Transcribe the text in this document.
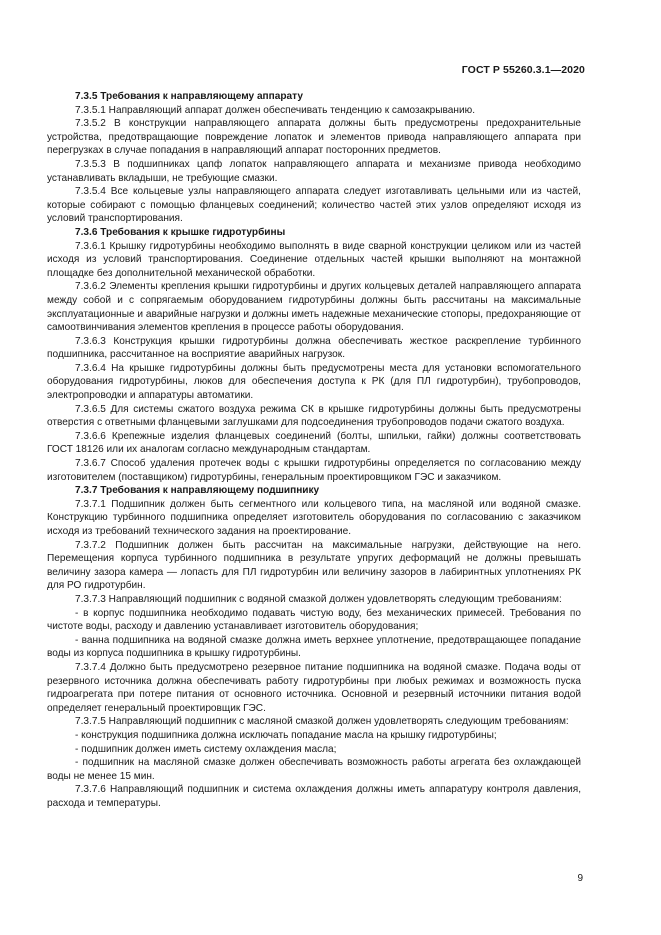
ГОСТ Р 55260.3.1—2020

7.3.5 Требования к направляющему аппарату

7.3.5.1 Направляющий аппарат должен обеспечивать тенденцию к самозакрыванию.

7.3.5.2 В конструкции направляющего аппарата должны быть предусмотрены предохранительные устройства, предотвращающие повреждение лопаток и элементов привода направляющего аппарата при перегрузках в случае попадания в направляющий аппарат посторонних предметов.

7.3.5.3 В подшипниках цапф лопаток направляющего аппарата и механизме привода необходимо устанавливать вкладыши, не требующие смазки.

7.3.5.4 Все кольцевые узлы направляющего аппарата следует изготавливать цельными или из частей, которые собирают с помощью фланцевых соединений; количество частей этих узлов определяют исходя из условий транспортирования.

7.3.6 Требования к крышке гидротурбины

7.3.6.1 Крышку гидротурбины необходимо выполнять в виде сварной конструкции целиком или из частей исходя из условий транспортирования. Соединение отдельных частей крышки выполняют на монтажной площадке без дополнительной механической обработки.

7.3.6.2 Элементы крепления крышки гидротурбины и других кольцевых деталей направляющего аппарата между собой и с сопрягаемым оборудованием гидротурбины должны быть рассчитаны на максимальные эксплуатационные и аварийные нагрузки и должны иметь надежные механические стопоры, предохраняющие от самоотвинчивания элементов крепления в процессе работы оборудования.

7.3.6.3 Конструкция крышки гидротурбины должна обеспечивать жесткое раскрепление турбинного подшипника, рассчитанное на восприятие аварийных нагрузок.

7.3.6.4 На крышке гидротурбины должны быть предусмотрены места для установки вспомогательного оборудования гидротурбины, люков для обеспечения доступа к РК (для ПЛ гидротурбин), трубопроводов, электропроводки и аппаратуры автоматики.

7.3.6.5 Для системы сжатого воздуха режима СК в крышке гидротурбины должны быть предусмотрены отверстия с ответными фланцевыми заглушками для подсоединения трубопроводов подачи сжатого воздуха.

7.3.6.6 Крепежные изделия фланцевых соединений (болты, шпильки, гайки) должны соответствовать ГОСТ 18126 или их аналогам согласно международным стандартам.

7.3.6.7 Способ удаления протечек воды с крышки гидротурбины определяется по согласованию между изготовителем (поставщиком) гидротурбины, генеральным проектировщиком ГЭС и заказчиком.

7.3.7 Требования к направляющему подшипнику

7.3.7.1 Подшипник должен быть сегментного или кольцевого типа, на масляной или водяной смазке. Конструкцию турбинного подшипника определяет изготовитель оборудования по согласованию с заказчиком исходя из требований технического задания на проектирование.

7.3.7.2 Подшипник должен быть рассчитан на максимальные нагрузки, действующие на него. Перемещения корпуса турбинного подшипника в результате упругих деформаций не должны превышать величину зазора камера — лопасть для ПЛ гидротурбин или величину зазоров в лабиринтных уплотнениях РК для РО гидротурбин.

7.3.7.3 Направляющий подшипник с водяной смазкой должен удовлетворять следующим требованиям:

- в корпус подшипника необходимо подавать чистую воду, без механических примесей. Требования по чистоте воды, расходу и давлению устанавливает изготовитель оборудования;

- ванна подшипника на водяной смазке должна иметь верхнее уплотнение, предотвращающее попадание воды из корпуса подшипника в крышку гидротурбины.

7.3.7.4 Должно быть предусмотрено резервное питание подшипника на водяной смазке. Подача воды от резервного источника должна обеспечивать работу гидротурбины при любых режимах и возможность пуска гидроагрегата при потере питания от основного источника. Основной и резервный источники питания водой определяет генеральный проектировщик ГЭС.

7.3.7.5 Направляющий подшипник с масляной смазкой должен удовлетворять следующим требованиям:

- конструкция подшипника должна исключать попадание масла на крышку гидротурбины;

- подшипник должен иметь систему охлаждения масла;

- подшипник на масляной смазке должен обеспечивать возможность работы агрегата без охлаждающей воды не менее 15 мин.

7.3.7.6 Направляющий подшипник и система охлаждения должны иметь аппаратуру контроля давления, расхода и температуры.

9
